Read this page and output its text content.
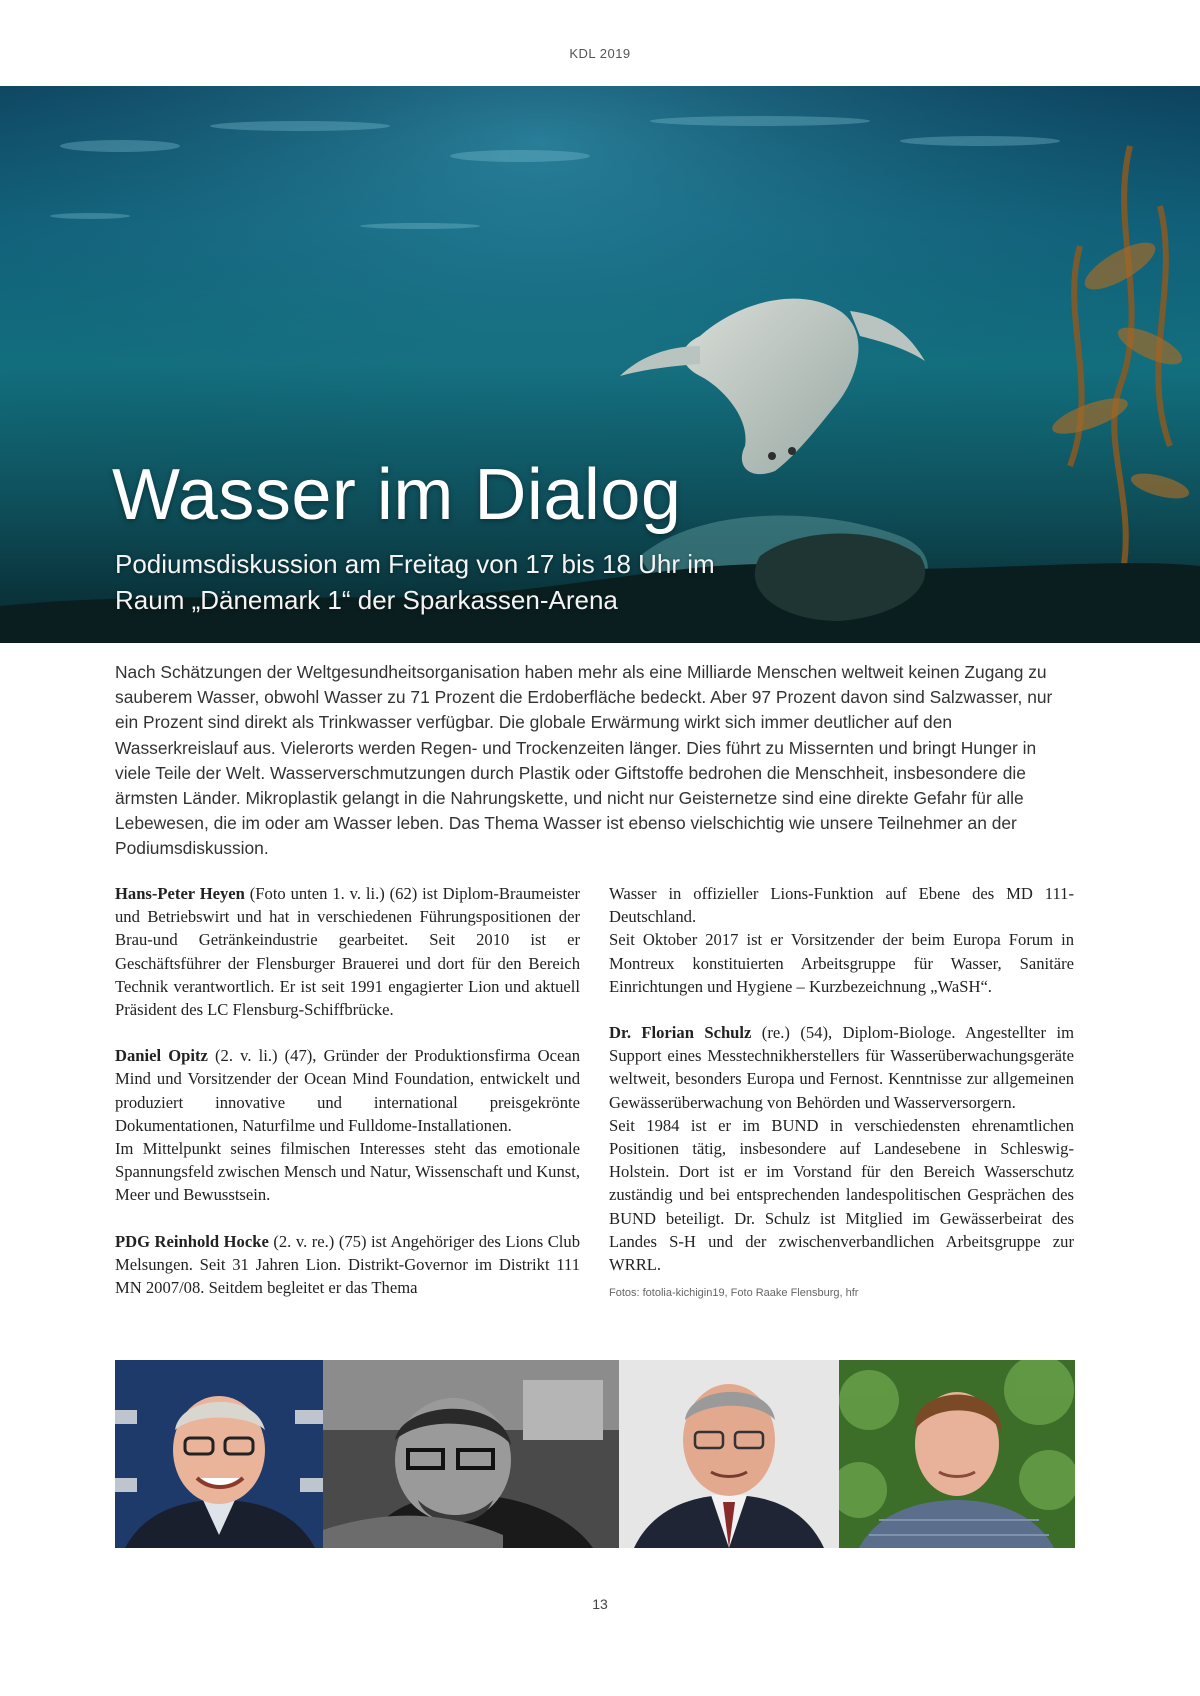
KDL 2019
Wasser im Dialog
Podiumsdiskussion am Freitag von 17 bis 18 Uhr im
Raum „Dänemark 1“ der Sparkassen-Arena
Nach Schätzungen der Weltgesundheitsorganisation haben mehr als eine Milliarde Menschen weltweit keinen Zugang zu sauberem Wasser, obwohl Wasser zu 71 Prozent die Erdoberfläche bedeckt. Aber 97 Prozent davon sind Salzwasser, nur ein Prozent sind direkt als Trinkwasser verfügbar. Die globale Erwärmung wirkt sich immer deutlicher auf den Wasserkreislauf aus. Vielerorts werden Regen- und Trockenzeiten länger. Dies führt zu Missernten und bringt Hunger in viele Teile der Welt. Wasserverschmutzungen durch Plastik oder Giftstoffe bedrohen die Menschheit, insbesondere die ärmsten Länder. Mikroplastik gelangt in die Nahrungskette, und nicht nur Geisternetze sind eine direkte Gefahr für alle Lebewesen, die im oder am Wasser leben. Das Thema Wasser ist ebenso vielschichtig wie unsere Teilnehmer an der Podiumsdiskussion.

Hans-Peter Heyen (Foto unten 1. v. li.) (62) ist Diplom-Braumeister und Betriebswirt und hat in verschiedenen Führungspositionen der Brau-und Getränkeindustrie gearbeitet. Seit 2010 ist er Geschäftsführer der Flensburger Brauerei und dort für den Bereich Technik verantwortlich. Er ist seit 1991 engagierter Lion und aktuell Präsident des LC Flensburg-Schiffbrücke.

Daniel Opitz (2. v. li.) (47), Gründer der Produktionsfirma Ocean Mind und Vorsitzender der Ocean Mind Foundation, entwickelt und produziert innovative und international preisgekrönte Dokumentationen, Naturfilme und Fulldome-Installationen.

Im Mittelpunkt seines filmischen Interesses steht das emotionale Spannungsfeld zwischen Mensch und Natur, Wissenschaft und Kunst, Meer und Bewusstsein.

PDG Reinhold Hocke (2. v. re.) (75) ist Angehöriger des Lions Club Melsungen. Seit 31 Jahren Lion. Distrikt-Governor im Distrikt 111 MN 2007/08. Seitdem begleitet er das Thema

Wasser in offizieller Lions-Funktion auf Ebene des MD 111-Deutschland.

Seit Oktober 2017 ist er Vorsitzender der beim Europa Forum in Montreux konstituierten Arbeitsgruppe für Wasser, Sanitäre Einrichtungen und Hygiene – Kurzbezeichnung „WaSH“.

Dr. Florian Schulz (re.) (54), Diplom-Biologe. Angestellter im Support eines Messtechnikherstellers für Wasserüberwachungsgeräte weltweit, besonders Europa und Fernost. Kenntnisse zur allgemeinen Gewässerüberwachung von Behörden und Wasserversorgern.

Seit 1984 ist er im BUND in verschiedensten ehrenamtlichen Positionen tätig, insbesondere auf Landesebene in Schleswig-Holstein. Dort ist er im Vorstand für den Bereich Wasserschutz zuständig und bei entsprechenden landespolitischen Gesprächen des BUND beteiligt. Dr. Schulz ist Mitglied im Gewässerbeirat des Landes S-H und der zwischenverbandlichen Arbeitsgruppe zur WRRL.

Fotos: fotolia-kichigin19, Foto Raake Flensburg, hfr
13
